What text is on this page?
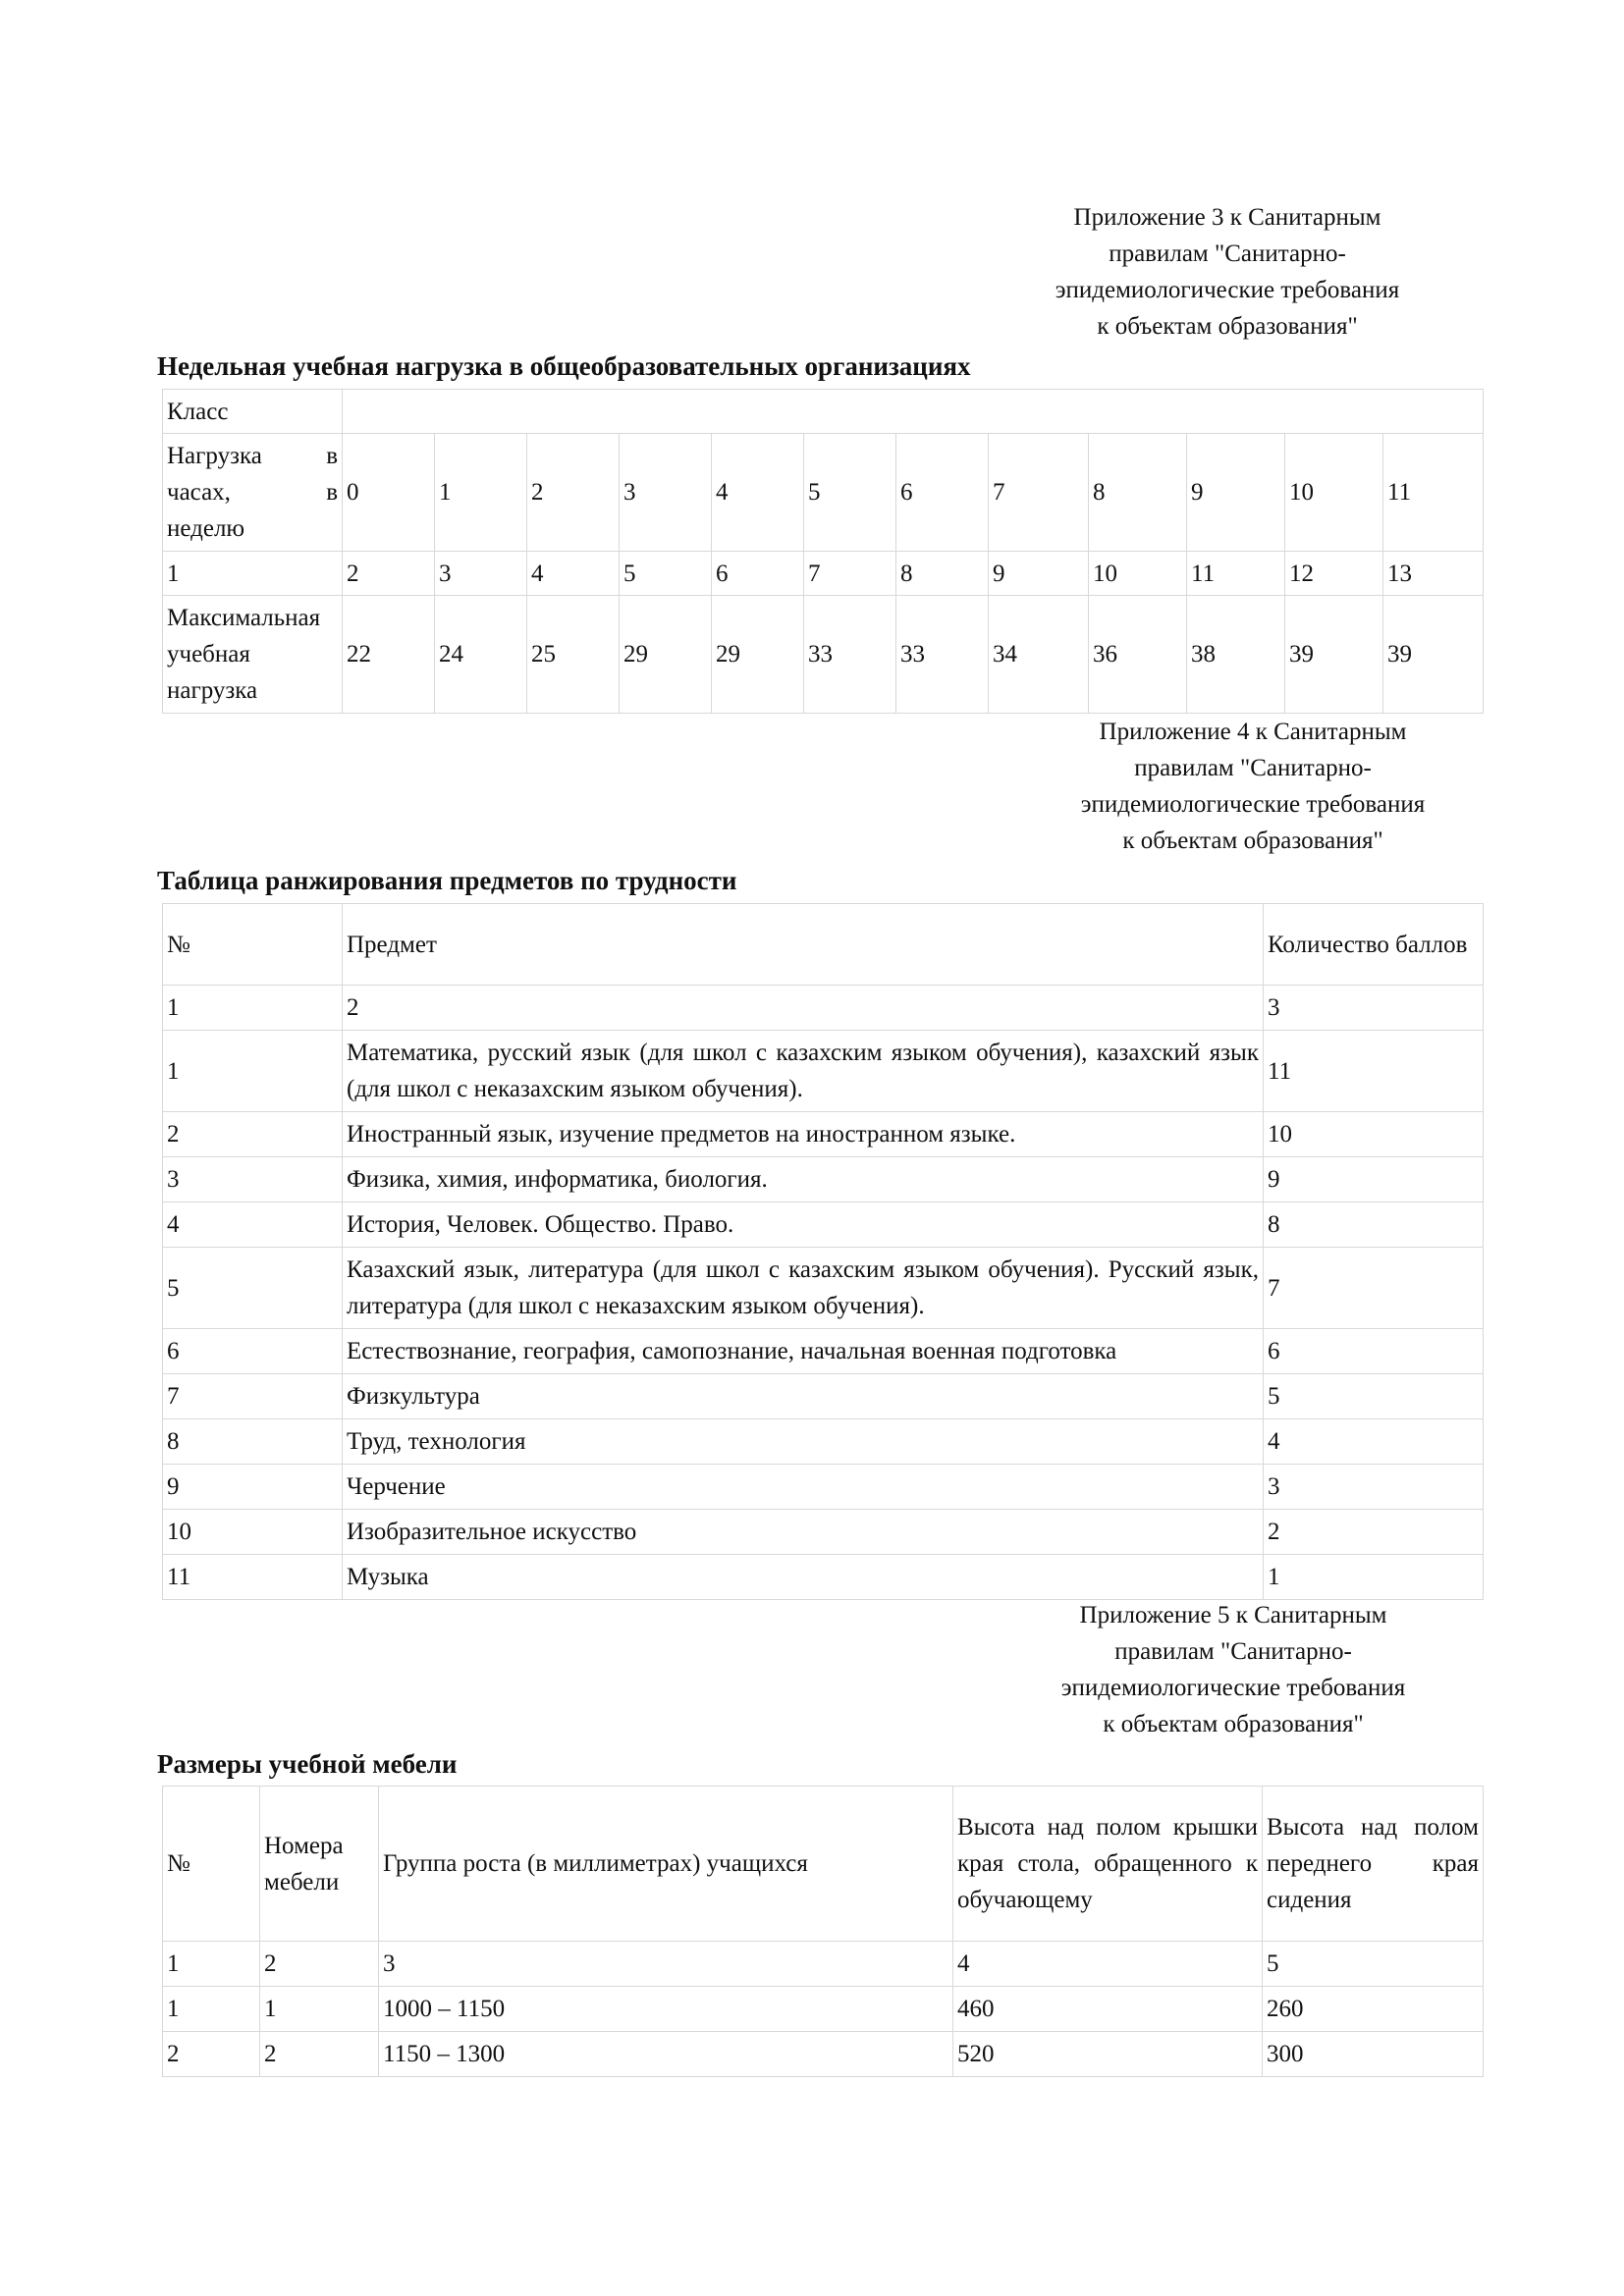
Приложение 3 к Санитарным
правилам "Санитарно-
эпидемиологические требования
к объектам образования"
Недельная учебная нагрузка в общеобразовательных организациях
Класс												

Нагрузка в
часах, в
неделю	0	1	2	3	4	5	6	7	8	9	10	11
1	2	3	4	5	6	7	8	9	10	11	12	13
Максимальная учебная нагрузка	22	24	25	29	29	33	33	34	36	38	39	39
Приложение 4 к Санитарным
правилам "Санитарно-
эпидемиологические требования
к объектам образования"
Таблица ранжирования предметов по трудности
№	Предмет	Количество баллов
1	2	3
1	Математика, русский язык (для школ с казахским языком обучения), казахский язык (для школ с неказахским языком обучения).	11
2	Иностранный язык, изучение предметов на иностранном языке.	10
3	Физика, химия, информатика, биология.	9
4	История, Человек. Общество. Право.	8
5	Казахский язык, литература (для школ с казахским языком обучения). Русский язык, литература (для школ с неказахским языком обучения).	7
6	Естествознание, география, самопознание, начальная военная подготовка	6
7	Физкультура	5
8	Труд, технология	4
9	Черчение	3
10	Изобразительное искусство	2
11	Музыка	1
Приложение 5 к Санитарным
правилам "Санитарно-
эпидемиологические требования
к объектам образования"
Размеры учебной мебели
№	Номера мебели	Группа роста (в миллиметрах) учащихся	Высота над полом крышки края стола, обращенного к обучающему	Высота над полом переднего края сидения
1	2	3	4	5
1	1	1000 – 1150	460	260
2	2	1150 – 1300	520	300
